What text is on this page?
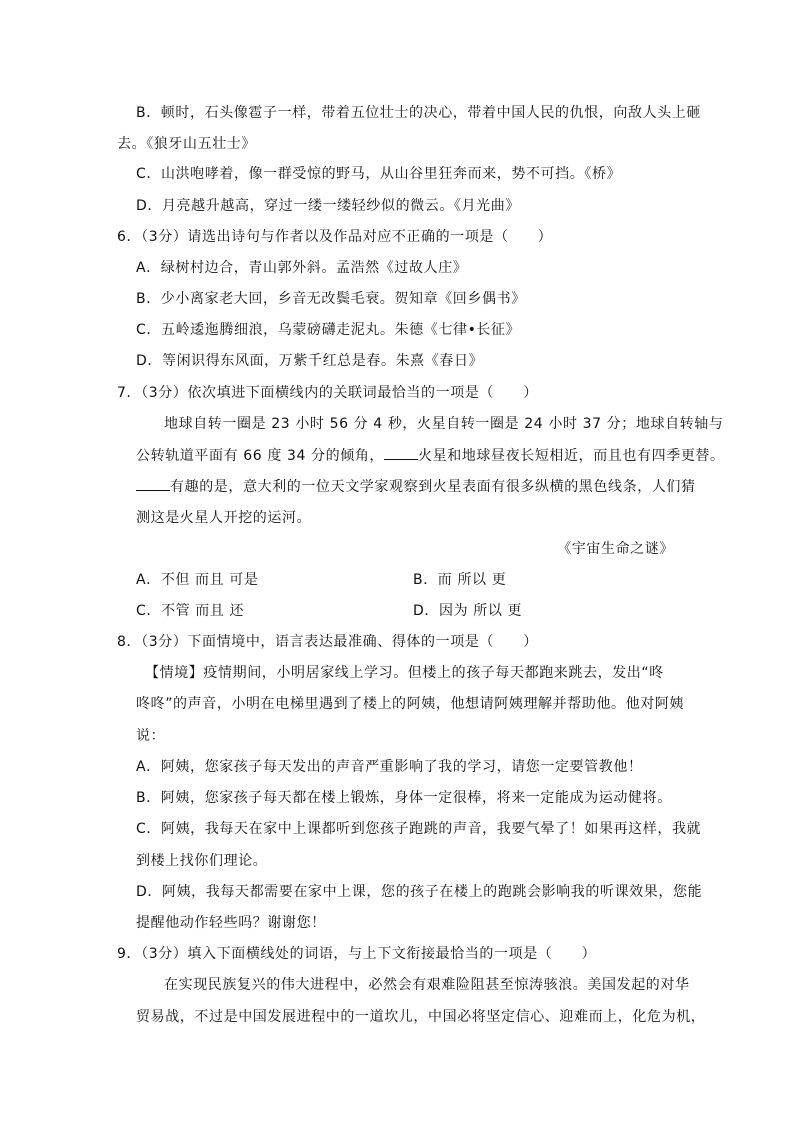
B．顿时，石头像雹子一样，带着五位壮士的决心，带着中国人民的仇恨，向敌人头上砸
去。《狼牙山五壮士》
C．山洪咆哮着，像一群受惊的野马，从山谷里狂奔而来，势不可挡。《桥》
D．月亮越升越高，穿过一缕一缕轻纱似的微云。《月光曲》
6．（3分）请选出诗句与作者以及作品对应不正确的一项是（　　）
A．绿树村边合，青山郭外斜。孟浩然《过故人庄》
B．少小离家老大回，乡音无改鬓毛衰。贺知章《回乡偶书》
C．五岭逶迤腾细浪，乌蒙磅礴走泥丸。朱德《七律•长征》
D．等闲识得东风面，万紫千红总是春。朱熹《春日》
7．（3分）依次填进下面横线内的关联词最恰当的一项是（　　）
地球自转一圈是 23 小时 56 分 4 秒，火星自转一圈是 24 小时 37 分；地球自转轴与
公转轨道平面有 66 度 34 分的倾角， 火星和地球昼夜长短相近，而且也有四季更替。
有趣的是，意大利的一位天文学家观察到火星表面有很多纵横的黑色线条，人们猜
测这是火星人开挖的运河。
《宇宙生命之谜》
A．不但 而且 可是	B．而 所以 更
C．不管 而且 还	D．因为 所以 更
8．（3分）下面情境中，语言表达最准确、得体的一项是（　　）
【情境】疫情期间，小明居家线上学习。但楼上的孩子每天都跑来跳去，发出“咚
咚咚”的声音，小明在电梯里遇到了楼上的阿姨，他想请阿姨理解并帮助他。他对阿姨
说：
A．阿姨，您家孩子每天发出的声音严重影响了我的学习，请您一定要管教他！
B．阿姨，您家孩子每天都在楼上锻炼，身体一定很棒，将来一定能成为运动健将。
C．阿姨，我每天在家中上课都听到您孩子跑跳的声音，我要气晕了！如果再这样，我就
到楼上找你们理论。
D．阿姨，我每天都需要在家中上课，您的孩子在楼上的跑跳会影响我的听课效果，您能
提醒他动作轻些吗？谢谢您！
9．（3分）填入下面横线处的词语，与上下文衔接最恰当的一项是（　　）
在实现民族复兴的伟大进程中，必然会有艰难险阻甚至惊涛骇浪。美国发起的对华
贸易战，不过是中国发展进程中的一道坎儿，中国必将坚定信心、迎难而上，化危为机，
